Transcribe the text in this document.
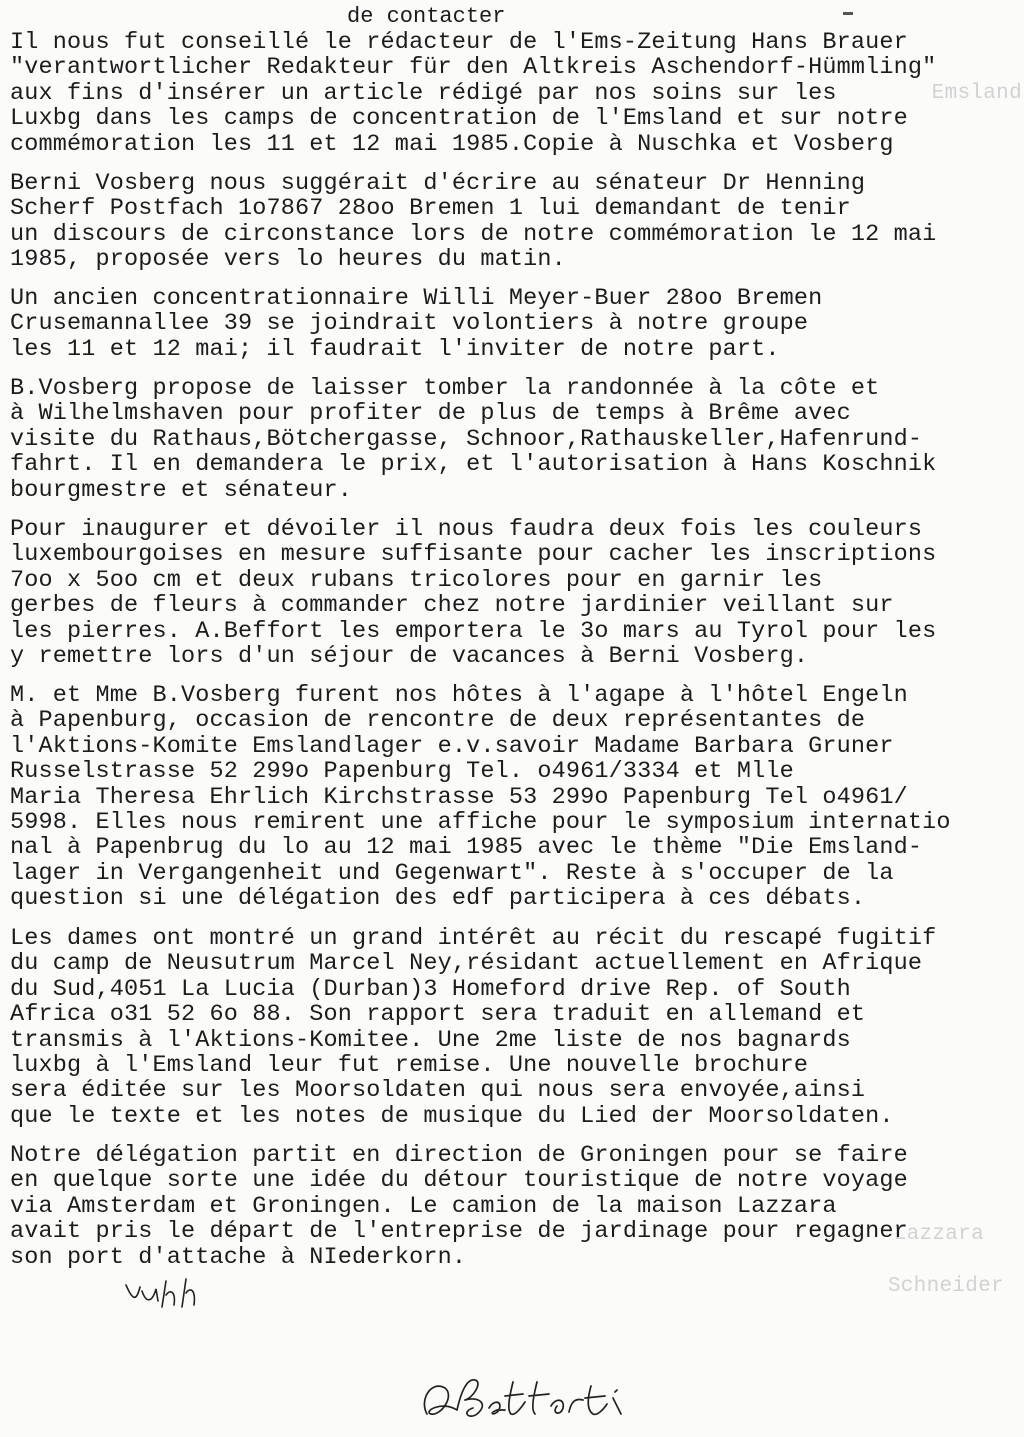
Emsland
Lazzara
Schneider
de contacter
Il nous fut conseillé le rédacteur de l'Ems-Zeitung Hans Brauer
"verantwortlicher Redakteur für den Altkreis Aschendorf-Hümmling"
aux fins d'insérer un article rédigé par nos soins sur les
Luxbg dans les camps de concentration de l'Emsland et sur notre
commémoration les 11 et 12 mai 1985.Copie à Nuschka et Vosberg
Berni Vosberg nous suggérait d'écrire au sénateur Dr Henning
Scherf Postfach 1o7867 28oo Bremen 1 lui demandant de tenir
un discours de circonstance lors de notre commémoration le 12 mai
1985, proposée vers lo heures du matin.
Un ancien concentrationnaire Willi Meyer-Buer 28oo Bremen
Crusemannallee 39 se joindrait volontiers à notre groupe
les 11 et 12 mai; il faudrait l'inviter de notre part.
B.Vosberg propose de laisser tomber la randonnée à la côte et
à Wilhelmshaven pour profiter de plus de temps à Brême avec
visite du Rathaus,Bötchergasse, Schnoor,Rathauskeller,Hafenrund-
fahrt. Il en demandera le prix, et l'autorisation à Hans Koschnik
bourgmestre et sénateur.
Pour inaugurer et dévoiler il nous faudra deux fois les couleurs
luxembourgoises en mesure suffisante pour cacher les inscriptions
7oo x 5oo cm et deux rubans tricolores pour en garnir les
gerbes de fleurs à commander chez notre jardinier veillant sur
les pierres. A.Beffort les emportera le 3o mars au Tyrol pour les
y remettre lors d'un séjour de vacances à Berni Vosberg.
M. et Mme B.Vosberg furent nos hôtes à l'agape à l'hôtel Engeln
à Papenburg, occasion de rencontre de deux représentantes de
l'Aktions-Komite Emslandlager e.v.savoir Madame Barbara Gruner
Russelstrasse 52 299o Papenburg Tel. o4961/3334 et Mlle
Maria Theresa Ehrlich Kirchstrasse 53 299o Papenburg Tel o4961/
5998. Elles nous remirent une affiche pour le symposium internatio
nal à Papenbrug du lo au 12 mai 1985 avec le thème "Die Emsland-
lager in Vergangenheit und Gegenwart". Reste à s'occuper de la
question si une délégation des edf participera à ces débats.
Les dames ont montré un grand intérêt au récit du rescapé fugitif
du camp de Neusutrum Marcel Ney,résidant actuellement en Afrique
du Sud,4051 La Lucia (Durban)3 Homeford drive Rep. of South
Africa o31 52 6o 88. Son rapport sera traduit en allemand et
transmis à l'Aktions-Komitee. Une 2me liste de nos bagnards
luxbg à l'Emsland leur fut remise. Une nouvelle brochure
sera éditée sur les Moorsoldaten qui nous sera envoyée,ainsi
que le texte et les notes de musique du Lied der Moorsoldaten.
Notre délégation partit en direction de Groningen pour se faire
en quelque sorte une idée du détour touristique de notre voyage
via Amsterdam et Groningen. Le camion de la maison Lazzara
avait pris le départ de l'entreprise de jardinage pour regagner
son port d'attache à NIederkorn.
